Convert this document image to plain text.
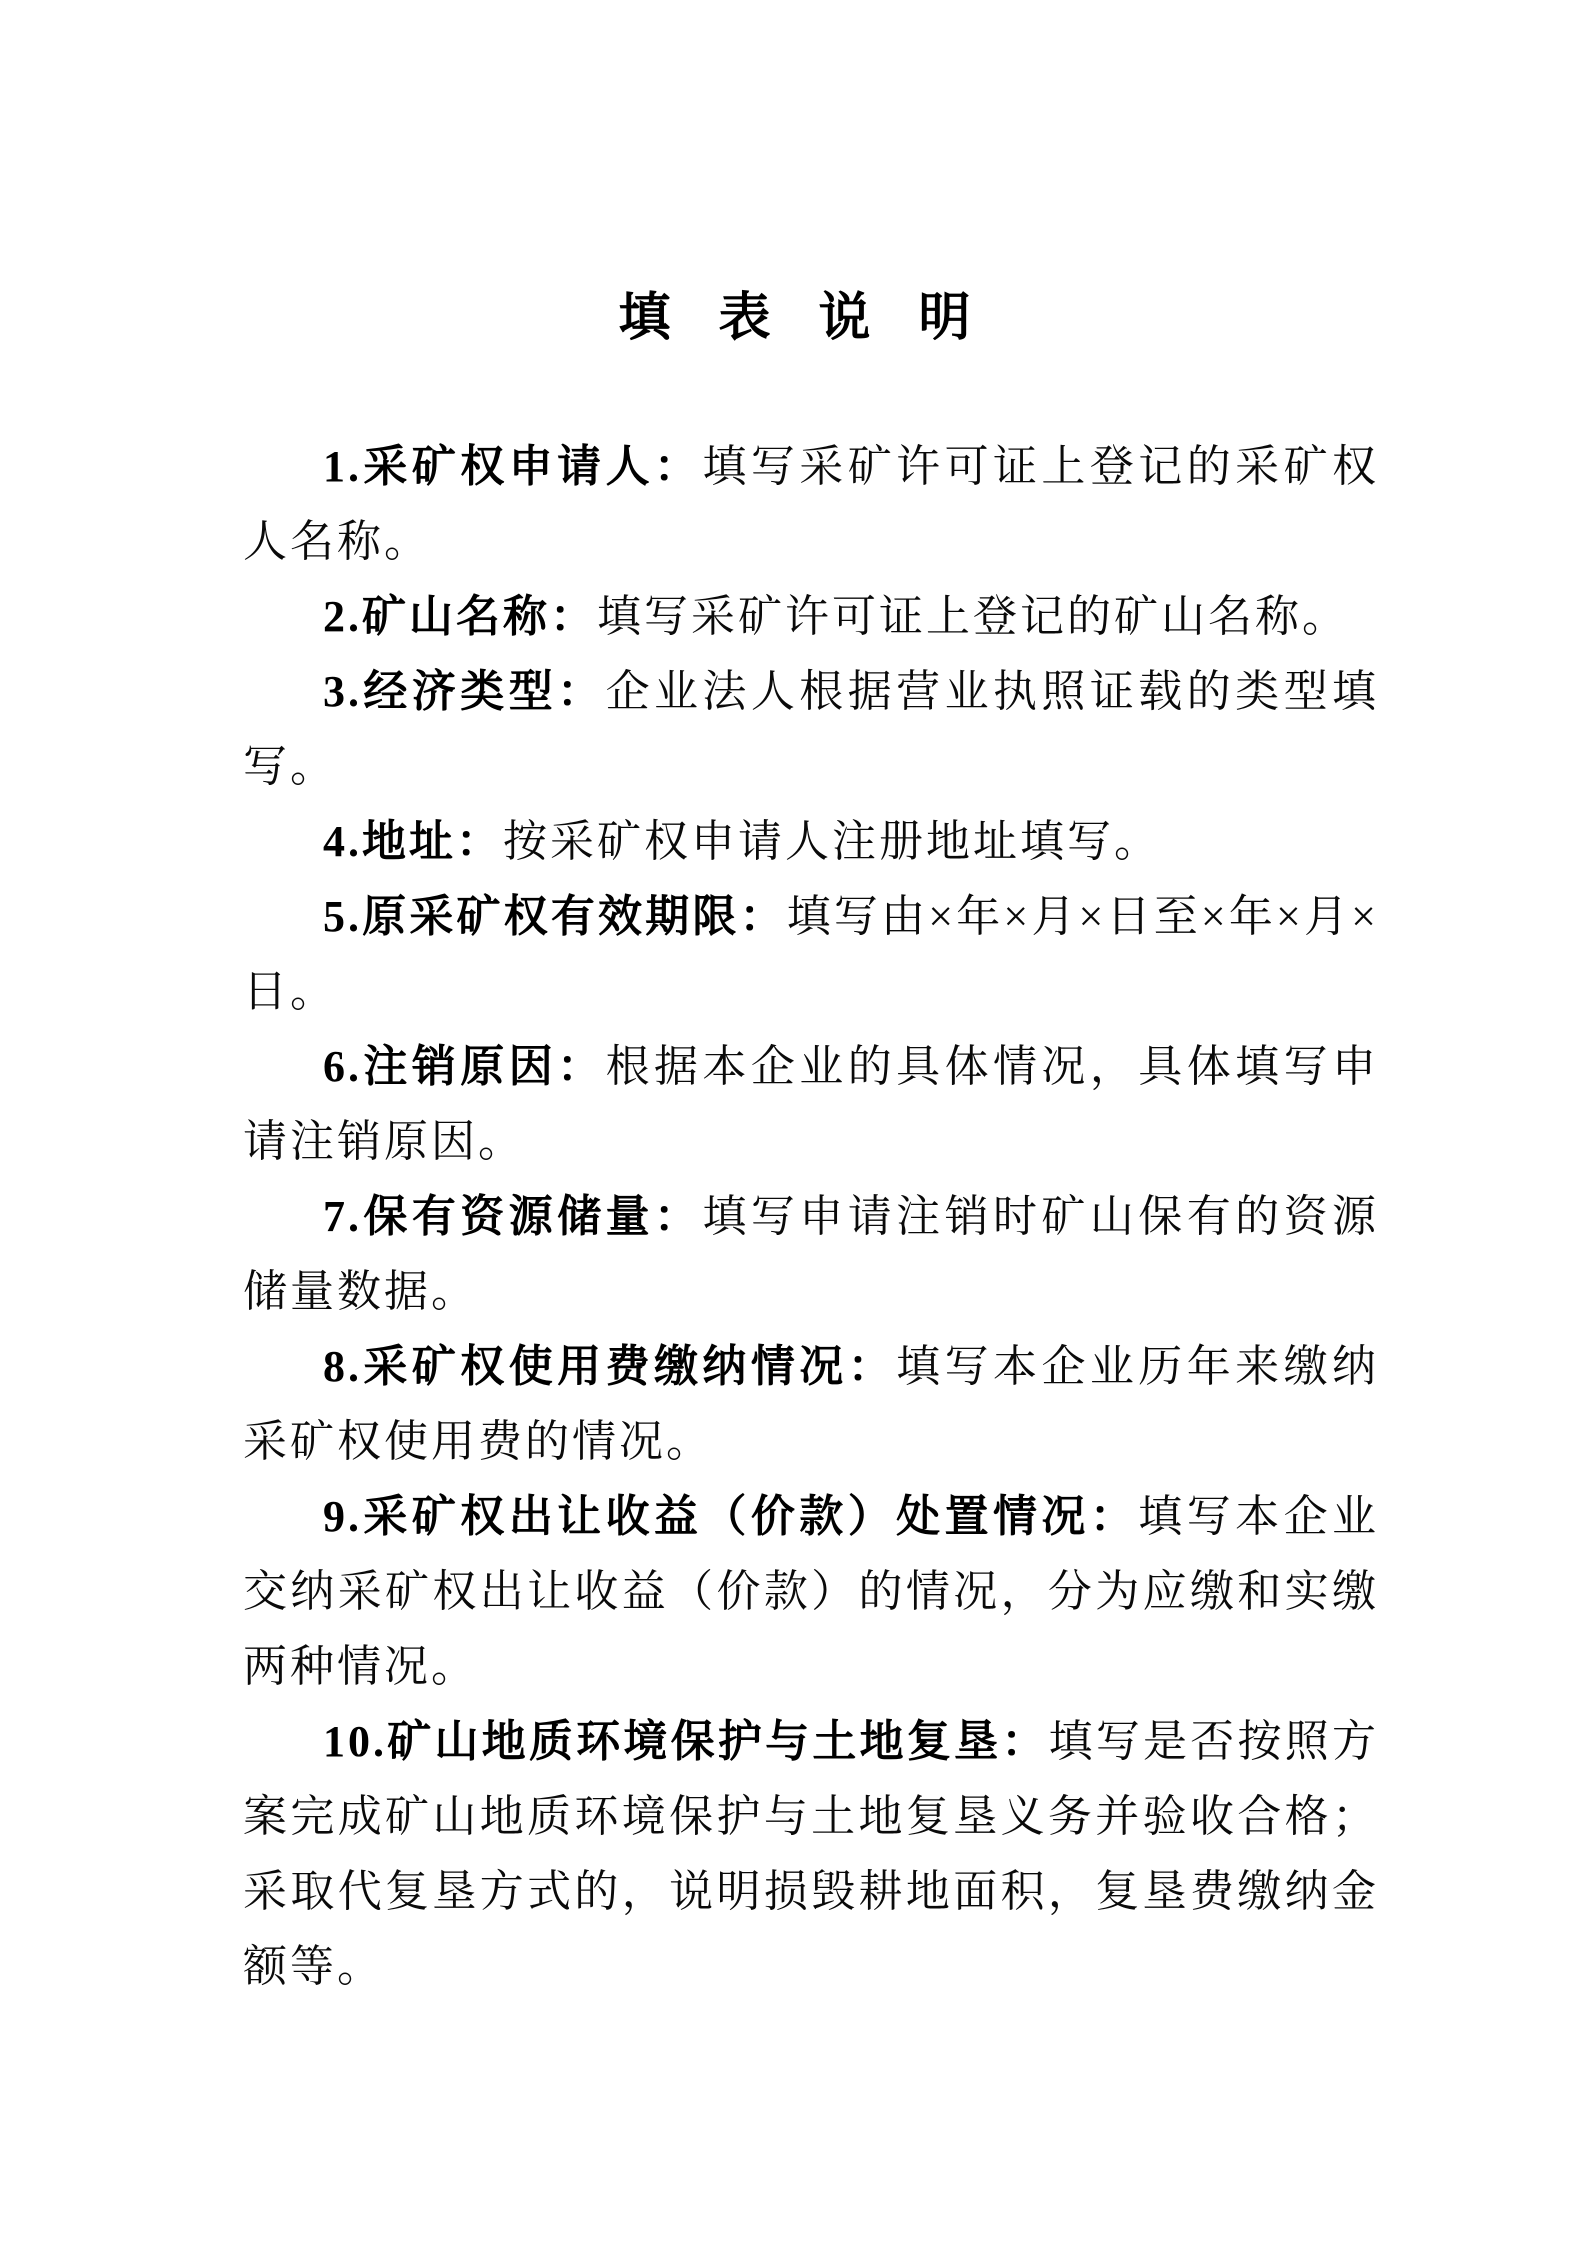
填　表　说　明

1.采矿权申请人：填写采矿许可证上登记的采矿权人名称。

2.矿山名称：填写采矿许可证上登记的矿山名称。

3.经济类型：企业法人根据营业执照证载的类型填写。

4.地址：按采矿权申请人注册地址填写。

5.原采矿权有效期限：填写由×年×月×日至×年×月×日。

6.注销原因：根据本企业的具体情况，具体填写申请注销原因。

7.保有资源储量：填写申请注销时矿山保有的资源储量数据。

8.采矿权使用费缴纳情况：填写本企业历年来缴纳采矿权使用费的情况。

9.采矿权出让收益（价款）处置情况：填写本企业交纳采矿权出让收益（价款）的情况，分为应缴和实缴两种情况。

10.矿山地质环境保护与土地复垦：填写是否按照方案完成矿山地质环境保护与土地复垦义务并验收合格；采取代复垦方式的，说明损毁耕地面积，复垦费缴纳金额等。
